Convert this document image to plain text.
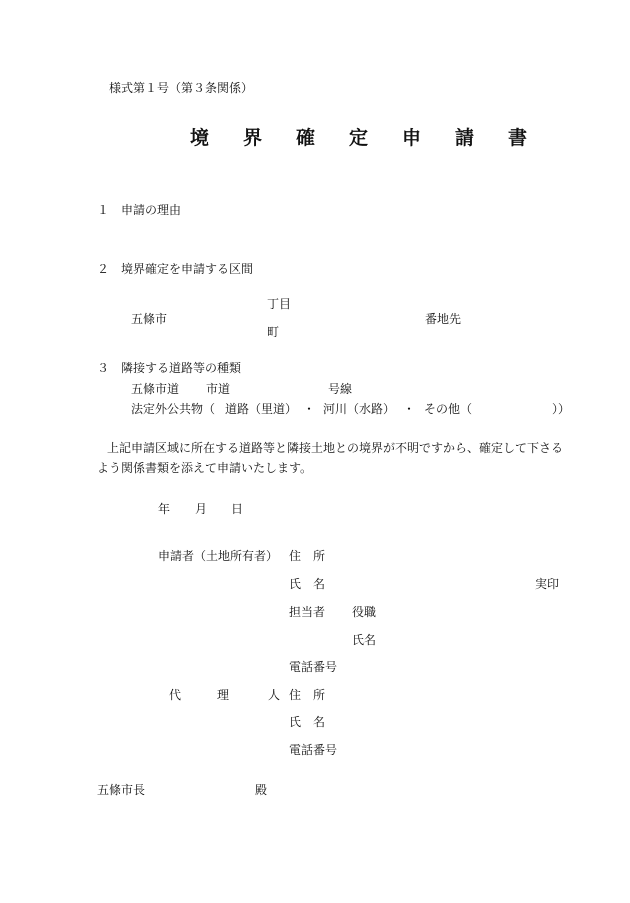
様式第１号（第３条関係）
境界確定申請書
１　申請の理由
２　境界確定を申請する区間
五條市
丁目
町
番地先
３　隣接する道路等の種類
五條市道 市道	号線
法定外公共物（ 道路（里道） ・ 河川（水路） ・ その他（	））
上記申請区域に所在する道路等と隣接土地との境界が不明ですから、確定して下さる
よう関係書類を添えて申請いたします。
年 月 日
申請者（土地所有者） 住　所
氏　名	実印
担当者 役職
氏名
電話番号
代	理	人 住　所
氏　名
電話番号
五條市長	殿
